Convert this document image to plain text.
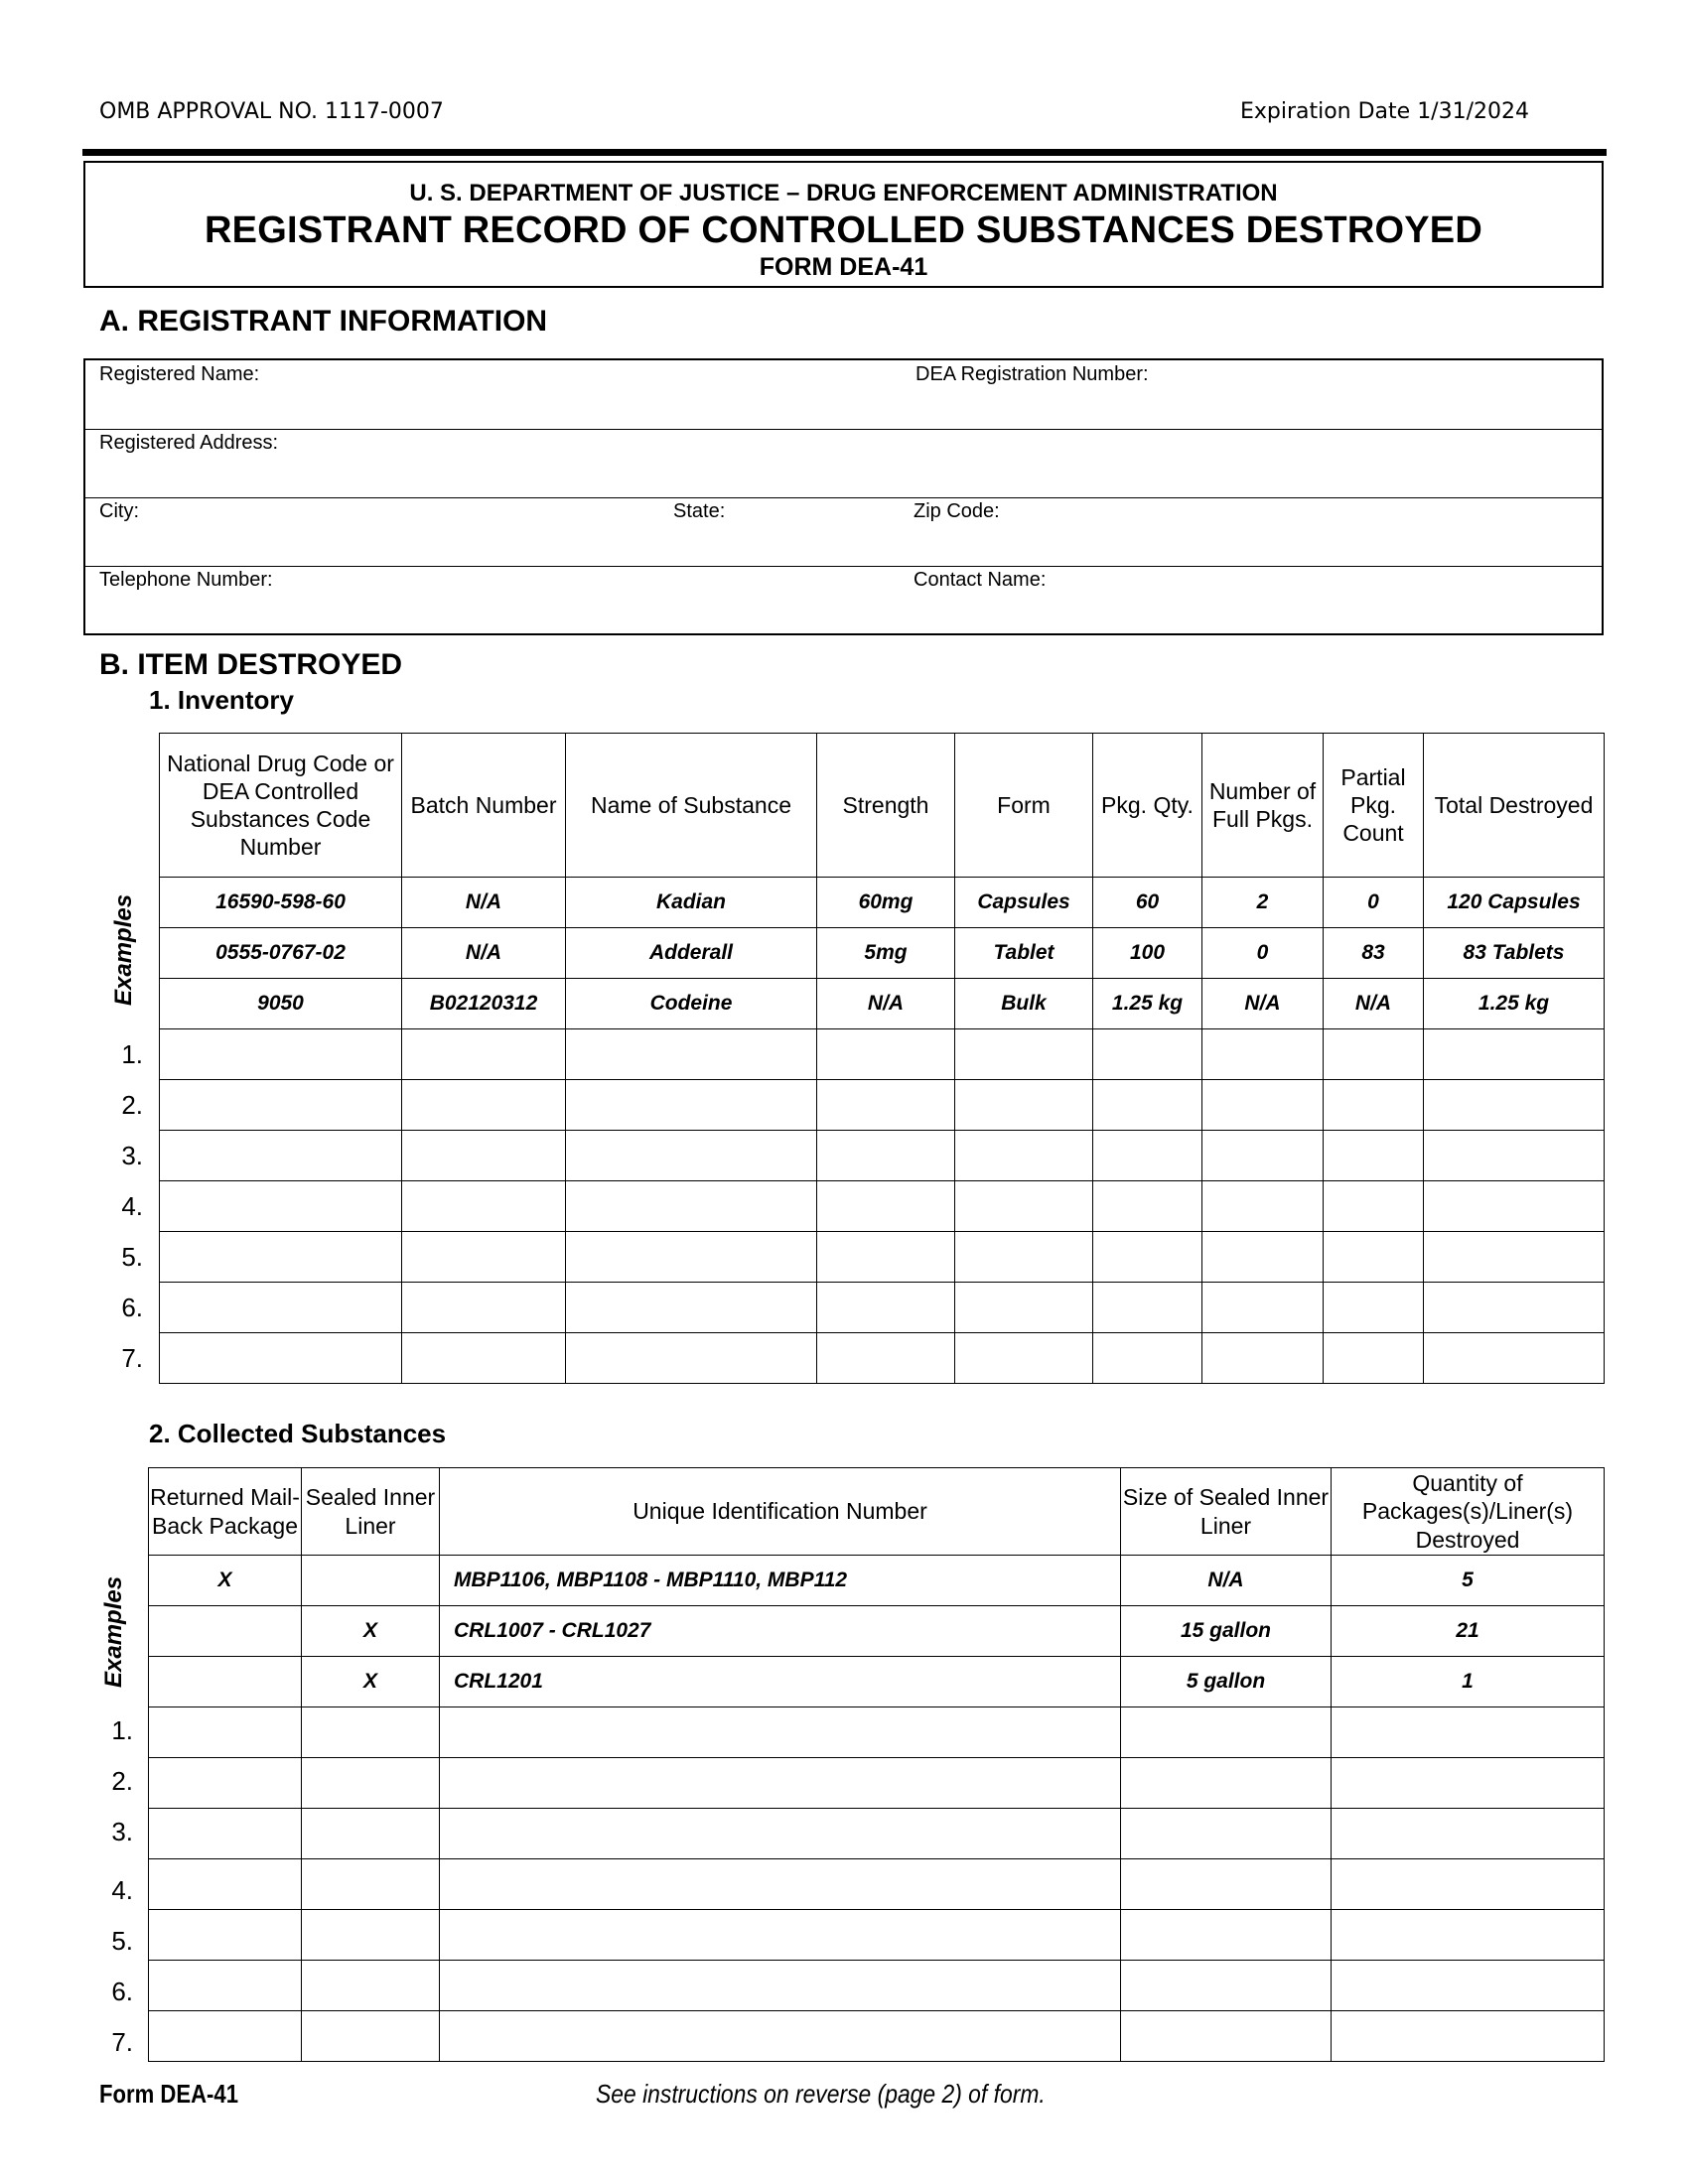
OMB APPROVAL NO. 1117-0007	Expiration Date 1/31/2024
U. S. DEPARTMENT OF JUSTICE – DRUG ENFORCEMENT ADMINISTRATION
REGISTRANT RECORD OF CONTROLLED SUBSTANCES DESTROYED
FORM DEA-41
A. REGISTRANT INFORMATION
Registered Name:	DEA Registration Number:
Registered Address:
City:	State:	Zip Code:
Telephone Number:	Contact Name:
B. ITEM DESTROYED
1. Inventory
National Drug Code or DEA Controlled Substances Code Number	Batch Number	Name of Substance	Strength	Form	Pkg. Qty.	Number of Full Pkgs.	Partial Pkg. Count	Total Destroyed
16590-598-60	N/A	Kadian	60mg	Capsules	60	2	0	120 Capsules
0555-0767-02	N/A	Adderall	5mg	Tablet	100	0	83	83 Tablets
9050	B02120312	Codeine	N/A	Bulk	1.25 kg	N/A	N/A	1.25 kg

Examples
1.
2.
3.
4.
5.
6.
7.
2. Collected Substances
Returned Mail-Back Package	Sealed Inner Liner	Unique Identification Number	Size of Sealed Inner Liner	Quantity of Packages(s)/Liner(s) Destroyed
X		MBP1106, MBP1108 - MBP1110, MBP112	N/A	5
	X	CRL1007 - CRL1027	15 gallon	21
	X	CRL1201	5 gallon	1

Examples
1.
2.
3.
4.
5.
6.
7.
Form DEA-41	See instructions on reverse (page 2) of form.
